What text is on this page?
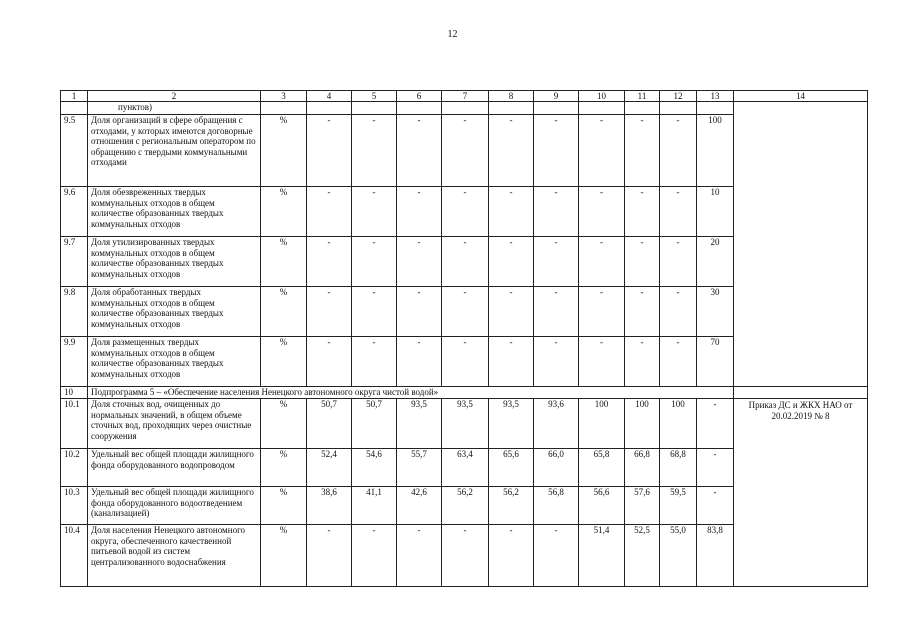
12
1	2	3	4	5	6	7	8	9	10	11	12	13	14
	пунктов)												
9.5	Доля организаций в сфере обращения с отходами, у которых имеются договорные отношения с региональным оператором по обращению с твердыми коммунальными отходами	%	-	-	-	-	-	-	-	-	-	100	
9.6	Доля обезвреженных твердых коммунальных отходов в общем количестве образованных твердых коммунальных отходов	%	-	-	-	-	-	-	-	-	-	10	
9.7	Доля утилизированных твердых коммунальных отходов в общем количестве образованных твердых коммунальных отходов	%	-	-	-	-	-	-	-	-	-	20	
9.8	Доля обработанных твердых коммунальных отходов в общем количестве образованных твердых коммунальных отходов	%	-	-	-	-	-	-	-	-	-	30	
9.9	Доля размещенных твердых коммунальных отходов в общем количестве образованных твердых коммунальных отходов	%	-	-	-	-	-	-	-	-	-	70	
10	Подпрограмма 5 – «Обеспечение населения Ненецкого автономного округа чистой водой»												
10.1	Доля сточных вод, очищенных до нормальных значений, в общем объеме сточных вод, проходящих через очистные сооружения	%	50,7	50,7	93,5	93,5	93,5	93,6	100	100	100	-	Приказ ДС и ЖКХ НАО от 20.02.2019 № 8
10.2	Удельный вес общей площади жилищного фонда оборудованного водопроводом	%	52,4	54,6	55,7	63,4	65,6	66,0	65,8	66,8	68,8	-	
10.3	Удельный вес общей площади жилищного фонда оборудованного водоотведением (канализацией)	%	38,6	41,1	42,6	56,2	56,2	56,8	56,6	57,6	59,5	-	
10.4	Доля населения Ненецкого автономного округа, обеспеченного качественной питьевой водой из систем централизованного водоснабжения	%	-	-	-	-	-	-	51,4	52,5	55,0	83,8	
